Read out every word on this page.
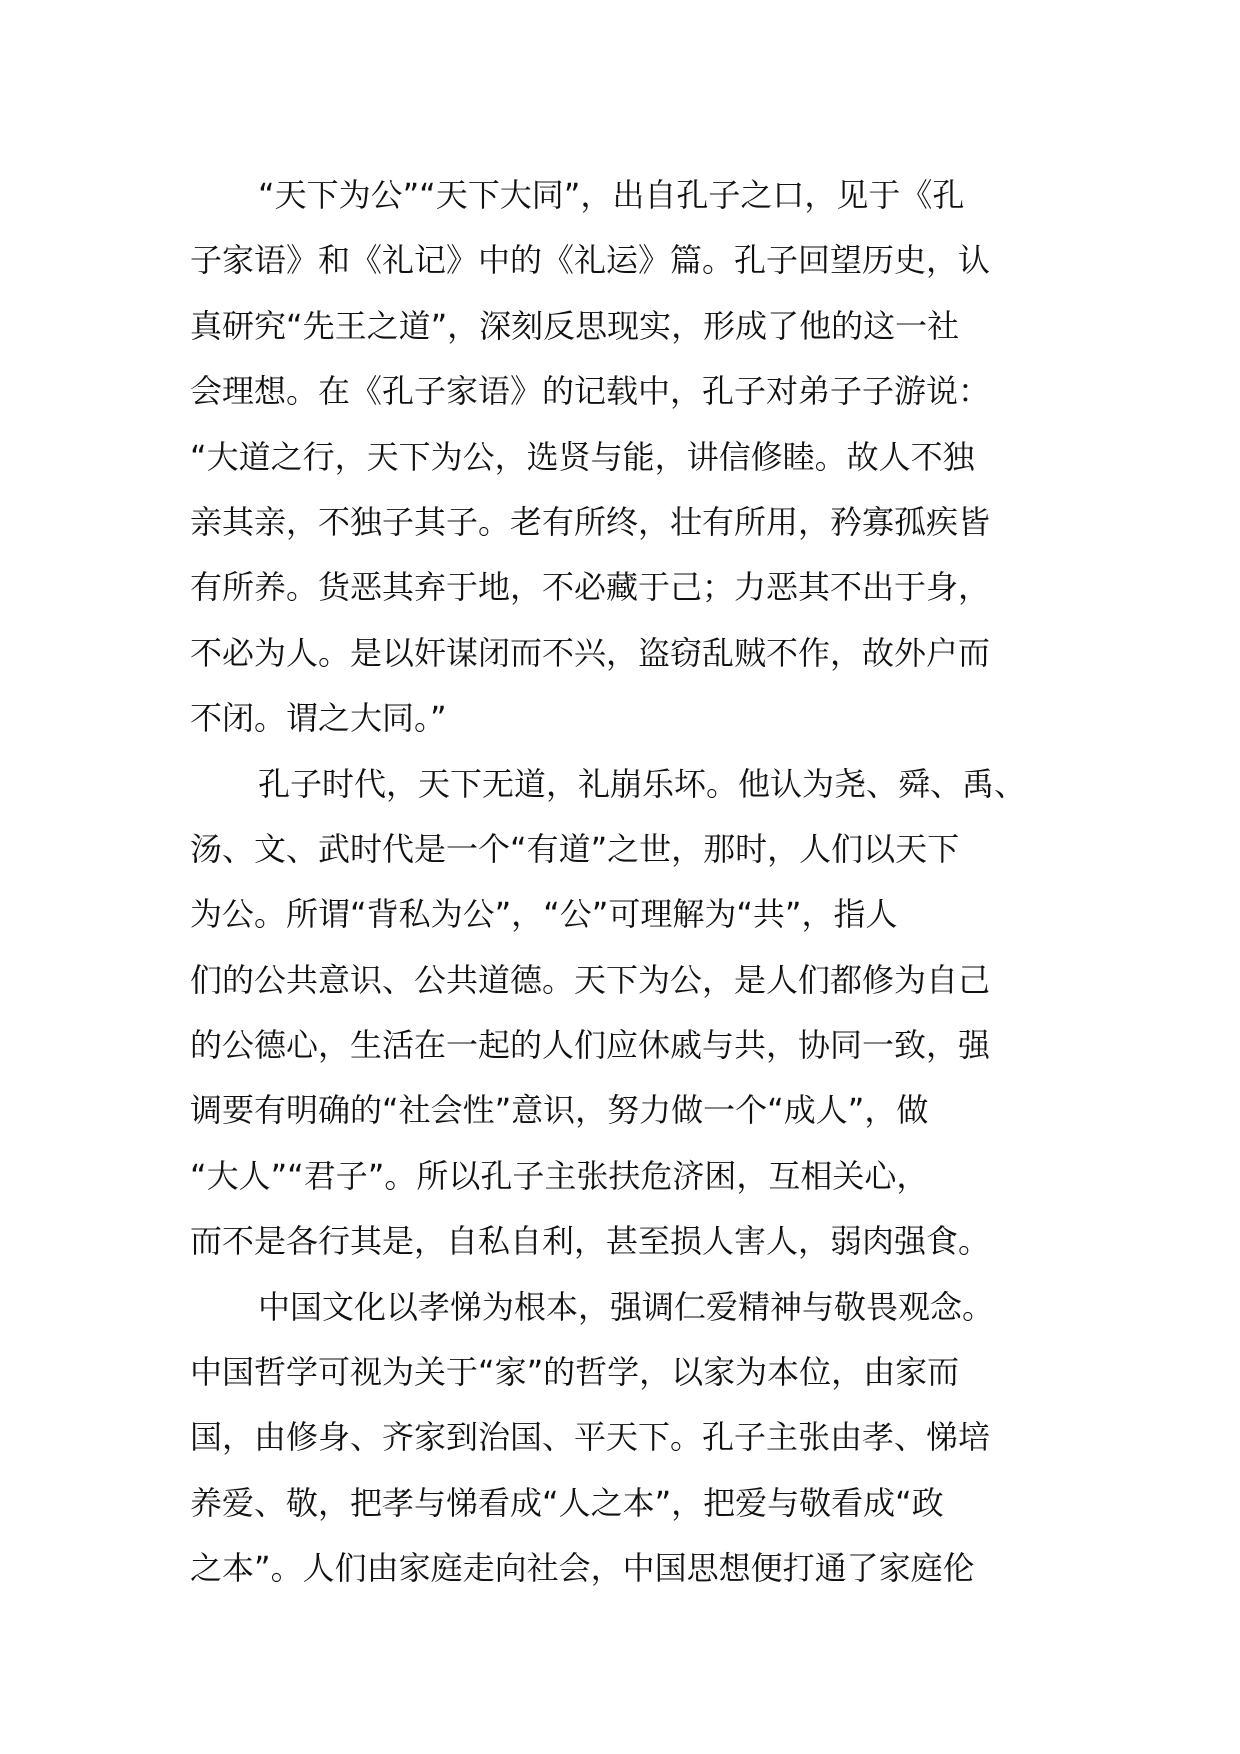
“天下为公”“天下大同”，出自孔子之口，见于《孔
子家语》和《礼记》中的《礼运》篇。孔子回望历史，认
真研究“先王之道”，深刻反思现实，形成了他的这一社
会理想。在《孔子家语》的记载中，孔子对弟子子游说：
“大道之行，天下为公，选贤与能，讲信修睦。故人不独
亲其亲，不独子其子。老有所终，壮有所用，矜寡孤疾皆
有所养。货恶其弃于地，不必藏于己；力恶其不出于身，
不必为人。是以奸谋闭而不兴，盗窃乱贼不作，故外户而
不闭。谓之大同。”
孔子时代，天下无道，礼崩乐坏。他认为尧、舜、禹、
汤、文、武时代是一个“有道”之世，那时，人们以天下
为公。所谓“背私为公”，“公”可理解为“共”，指人
们的公共意识、公共道德。天下为公，是人们都修为自己
的公德心，生活在一起的人们应休戚与共，协同一致，强
调要有明确的“社会性”意识，努力做一个“成人”，做
“大人”“君子”。所以孔子主张扶危济困，互相关心，
而不是各行其是，自私自利，甚至损人害人，弱肉强食。
中国文化以孝悌为根本，强调仁爱精神与敬畏观念。
中国哲学可视为关于“家”的哲学，以家为本位，由家而
国，由修身、齐家到治国、平天下。孔子主张由孝、悌培
养爱、敬，把孝与悌看成“人之本”，把爱与敬看成“政
之本”。人们由家庭走向社会，中国思想便打通了家庭伦
